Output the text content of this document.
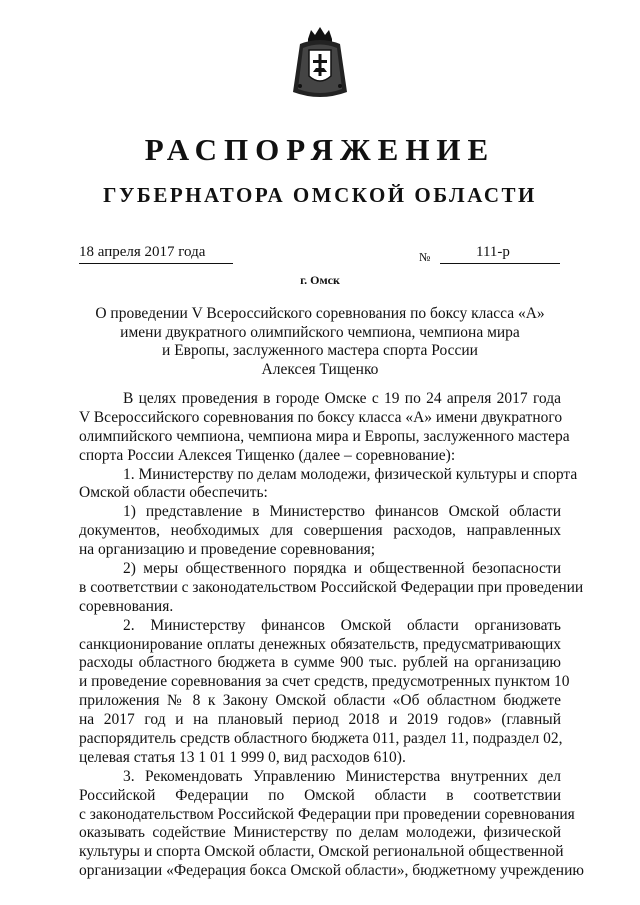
РАСПОРЯЖЕНИЕ
ГУБЕРНАТОРА ОМСКОЙ ОБЛАСТИ
18 апреля 2017 года	№	111-р
г. Омск
О проведении V Всероссийского соревнования по боксу класса «А»
имени двукратного олимпийского чемпиона, чемпиона мира
и Европы, заслуженного мастера спорта России
Алексея Тищенко
В целях проведения в городе Омске с 19 по 24 апреля 2017 года
V Всероссийского соревнования по боксу класса «А» имени двукратного
олимпийского чемпиона, чемпиона мира и Европы, заслуженного мастера
спорта России Алексея Тищенко (далее – соревнование):
1. Министерству по делам молодежи, физической культуры и спорта
Омской области обеспечить:
1) представление в Министерство финансов Омской области
документов, необходимых для совершения расходов, направленных
на организацию и проведение соревнования;
2) меры общественного порядка и общественной безопасности
в соответствии с законодательством Российской Федерации при проведении
соревнования.
2. Министерству финансов Омской области организовать
санкционирование оплаты денежных обязательств, предусматривающих
расходы областного бюджета в сумме 900 тыс. рублей на организацию
и проведение соревнования за счет средств, предусмотренных пунктом 10
приложения № 8 к Закону Омской области «Об областном бюджете
на 2017 год и на плановый период 2018 и 2019 годов» (главный
распорядитель средств областного бюджета 011, раздел 11, подраздел 02,
целевая статья 13 1 01 1 999 0, вид расходов 610).
3. Рекомендовать Управлению Министерства внутренних дел
Российской Федерации по Омской области в соответствии
с законодательством Российской Федерации при проведении соревнования
оказывать содействие Министерству по делам молодежи, физической
культуры и спорта Омской области, Омской региональной общественной
организации «Федерация бокса Омской области», бюджетному учреждению
